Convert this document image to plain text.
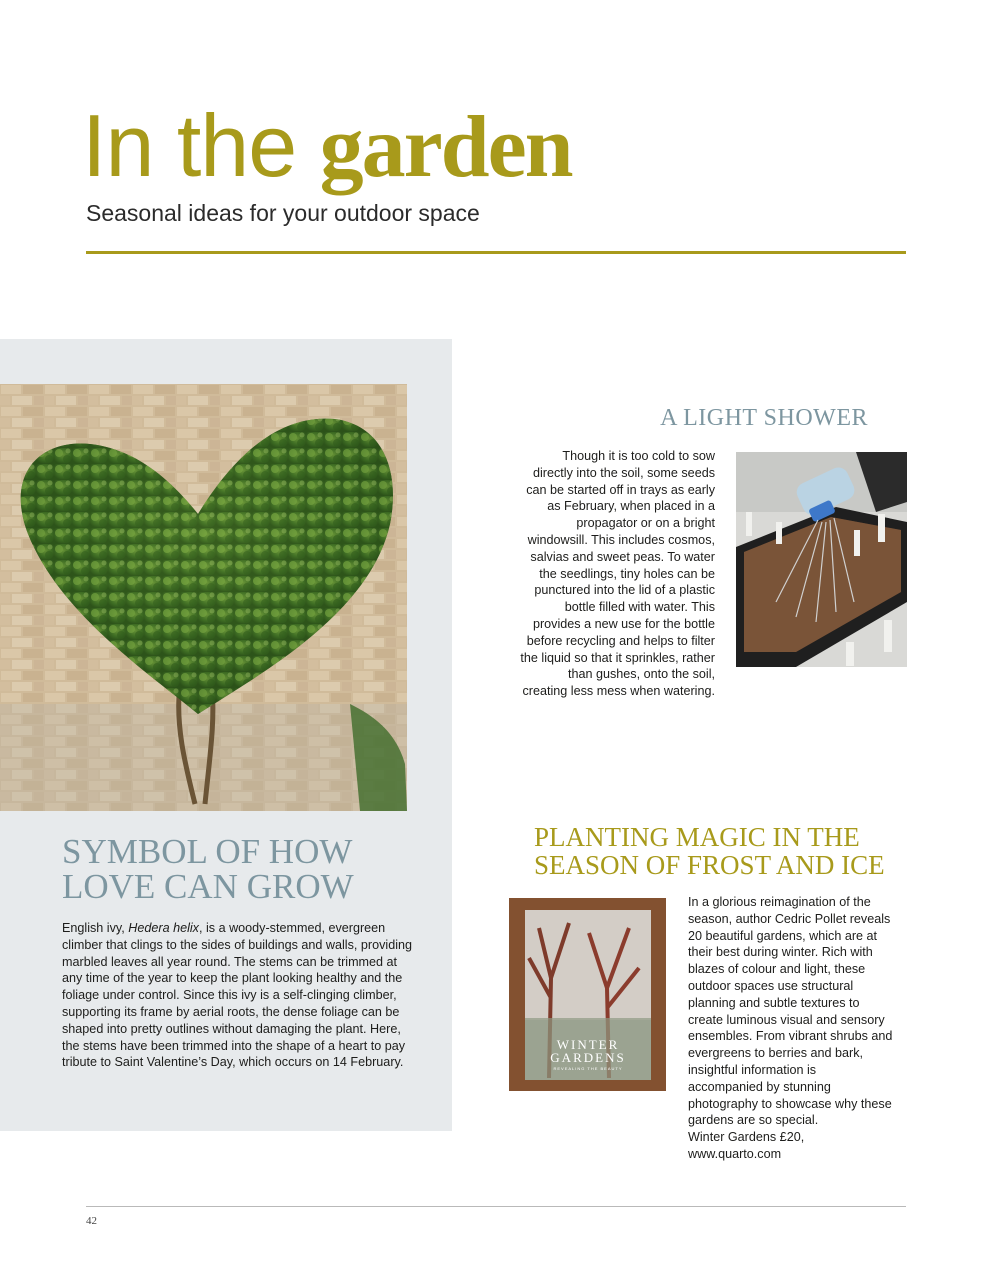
In the garden
Seasonal ideas for your outdoor space
SYMBOL OF HOW
LOVE CAN GROW

English ivy, Hedera helix, is a woody-stemmed, evergreen climber that clings to the sides of buildings and walls, providing marbled leaves all year round. The stems can be trimmed at any time of the year to keep the plant looking healthy and the foliage under control. Since this ivy is a self-clinging climber, supporting its frame by aerial roots, the dense foliage can be shaped into pretty outlines without damaging the plant. Here, the stems have been trimmed into the shape of a heart to pay tribute to Saint Valentine’s Day, which occurs on 14 February.

A LIGHT SHOWER

Though it is too cold to sow directly into the soil, some seeds can be started off in trays as early as February, when placed in a propagator or on a bright windowsill. This includes cosmos, salvias and sweet peas. To water the seedlings, tiny holes can be punctured into the lid of a plastic bottle filled with water. This provides a new use for the bottle before recycling and helps to filter the liquid so that it sprinkles, rather than gushes, onto the soil, creating less mess when watering.

PLANTING MAGIC IN THE
SEASON OF FROST AND ICE
WINTER
GARDENS
REVEALING THE BEAUTY

In a glorious reimagination of the season, author Cedric Pollet reveals 20 beautiful gardens, which are at their best during winter. Rich with blazes of colour and light, these outdoor spaces use structural planning and subtle textures to create luminous visual and sensory ensembles. From vibrant shrubs and evergreens to berries and bark, insightful information is accompanied by stunning photography to showcase why these gardens are so special.
Winter Gardens £20,
www.quarto.com

42
